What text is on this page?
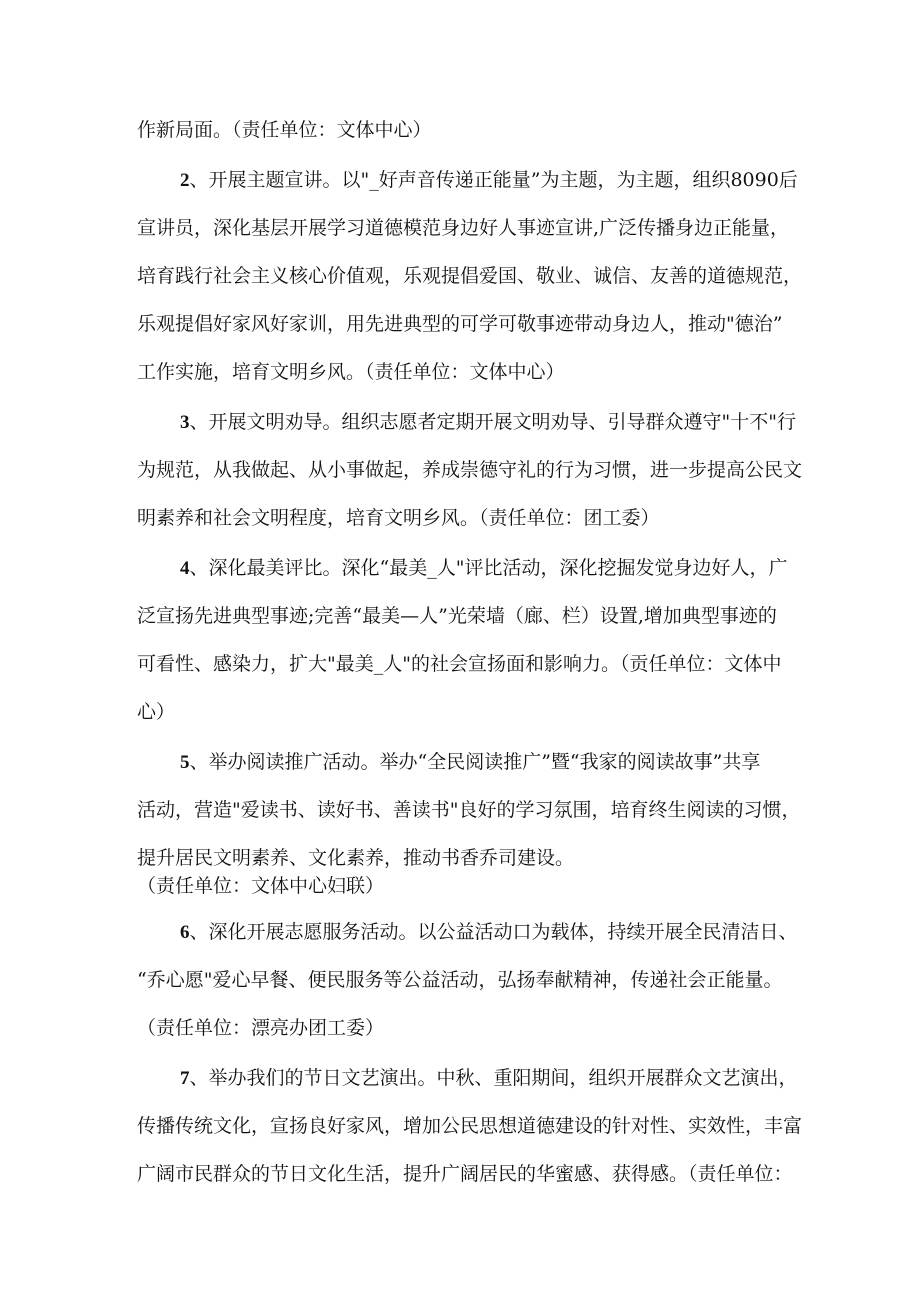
作新局面。（责任单位：文体中心）
2、开展主题宣讲。以"_好声音传递正能量”为主题，为主题，组织8090后
宣讲员，深化基层开展学习道德模范身边好人事迹宣讲,广泛传播身边正能量，
培育践行社会主义核心价值观，乐观提倡爱国、敬业、诚信、友善的道德规范，
乐观提倡好家风好家训，用先进典型的可学可敬事迹带动身边人，推动"德治”
工作实施，培育文明乡风。（责任单位：文体中心）
3、开展文明劝导。组织志愿者定期开展文明劝导、引导群众遵守"十不"行
为规范，从我做起、从小事做起，养成崇德守礼的行为习惯，进一步提高公民文
明素养和社会文明程度，培育文明乡风。（责任单位：团工委）
4、深化最美评比。深化“最美_人"评比活动，深化挖掘发觉身边好人，广
泛宣扬先进典型事迹;完善“最美—人”光荣墙（廊、栏）设置,增加典型事迹的
可看性、感染力，扩大"最美_人"的社会宣扬面和影响力。（贡任单位：文体中
心）
5、举办阅读推广活动。举办“全民阅读推广”暨“我家的阅读故事”共享
活动，营造"爱读书、读好书、善读书"良好的学习氛围，培育终生阅读的习惯，
提升居民文明素养、文化素养，推动书香乔司建设。
（责任单位：文体中心妇联）
6、深化开展志愿服务活动。以公益活动口为载体，持续开展全民清洁日、
“乔心愿"爱心早餐、便民服务等公益活动，弘扬奉献精神，传递社会正能量。
（责任单位：漂亮办团工委）
7、举办我们的节日文艺演出。中秋、重阳期间，组织开展群众文艺演出，
传播传统文化，宣扬良好家风，增加公民思想道德建设的针对性、实效性，丰富
广阔市民群众的节日文化生活，提升广阔居民的华蜜感、获得感。（责任单位：
